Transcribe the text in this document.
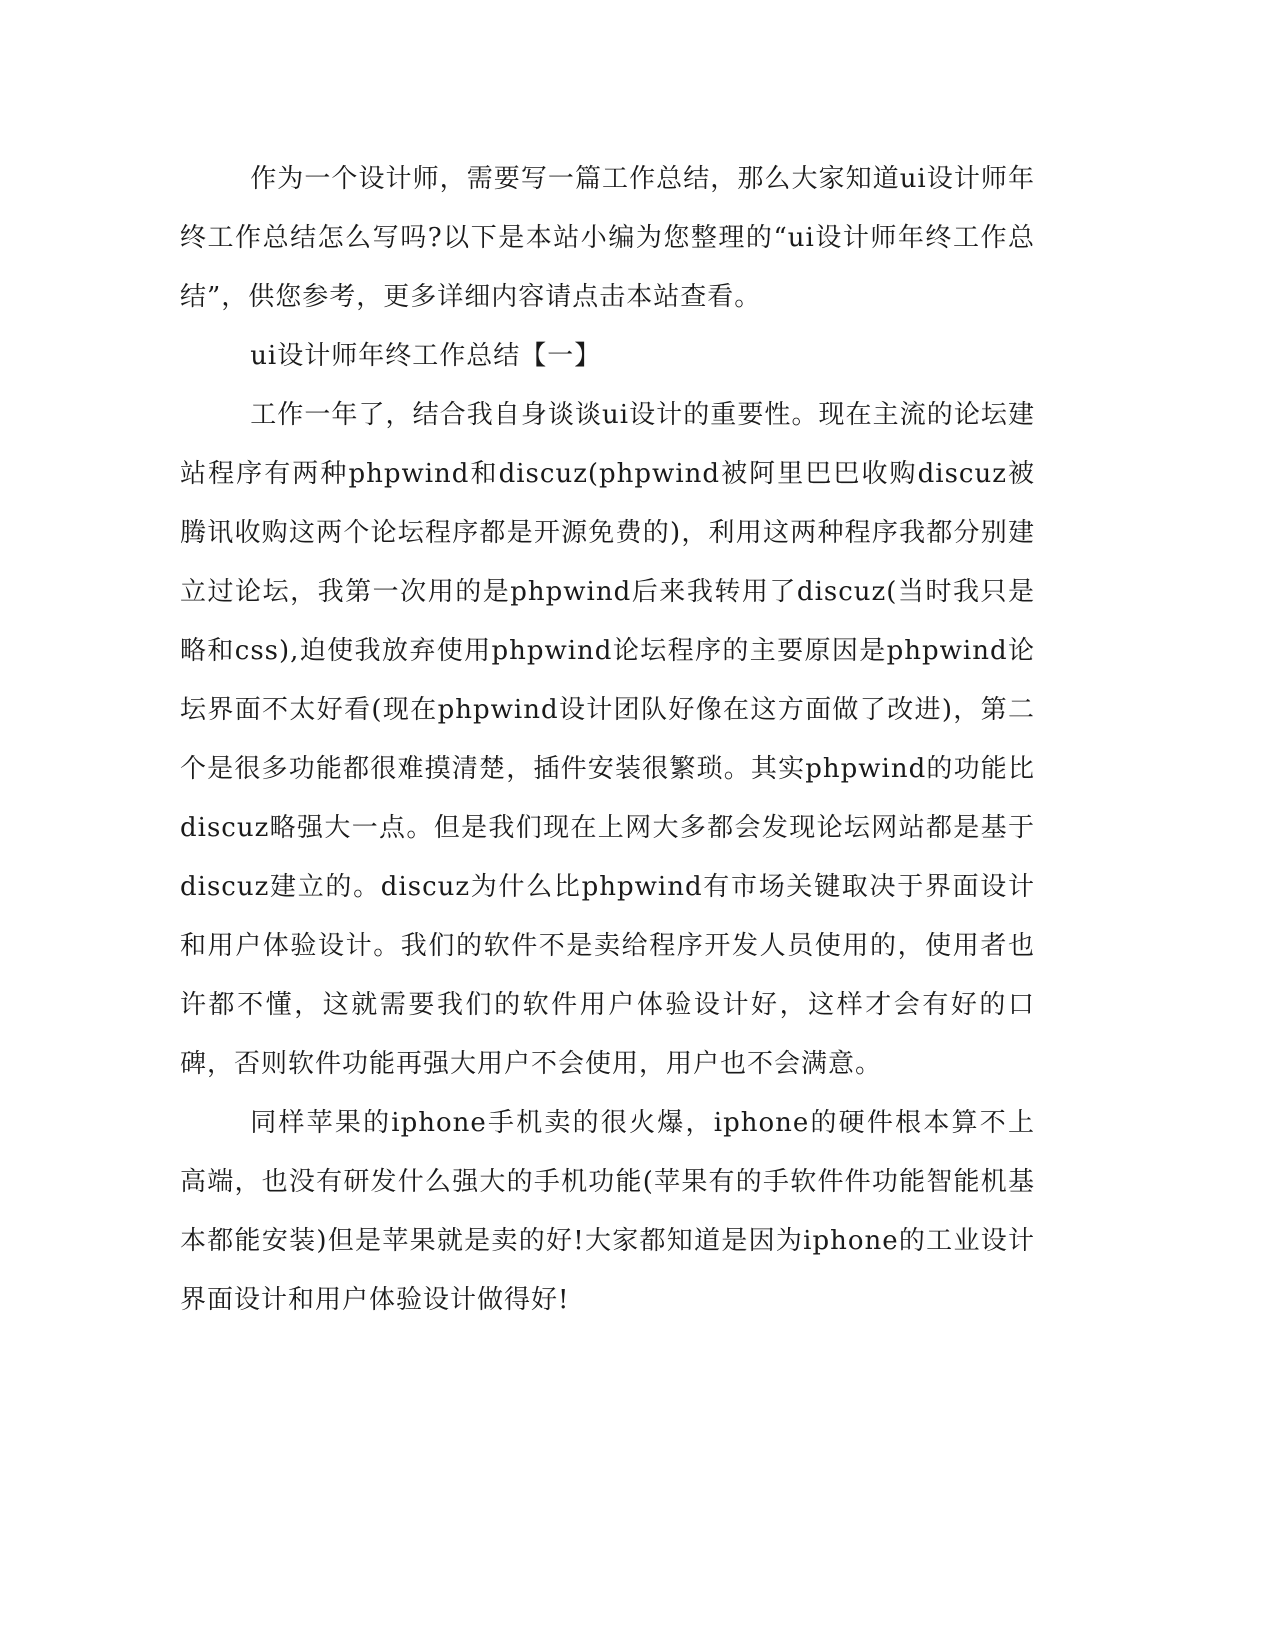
作为一个设计师，需要写一篇工作总结，那么大家知道ui设计师年终工作总结怎么写吗?以下是本站小编为您整理的“ui设计师年终工作总结”，供您参考，更多详细内容请点击本站查看。

ui设计师年终工作总结【一】

工作一年了，结合我自身谈谈ui设计的重要性。现在主流的论坛建站程序有两种phpwind和discuz(phpwind被阿里巴巴收购discuz被腾讯收购这两个论坛程序都是开源免费的)，利用这两种程序我都分别建立过论坛，我第一次用的是phpwind后来我转用了discuz(当时我只是略和css),迫使我放弃使用phpwind论坛程序的主要原因是phpwind论坛界面不太好看(现在phpwind设计团队好像在这方面做了改进)，第二个是很多功能都很难摸清楚，插件安装很繁琐。其实phpwind的功能比discuz略强大一点。但是我们现在上网大多都会发现论坛网站都是基于discuz建立的。discuz为什么比phpwind有市场关键取决于界面设计和用户体验设计。我们的软件不是卖给程序开发人员使用的，使用者也许都不懂，这就需要我们的软件用户体验设计好，这样才会有好的口碑，否则软件功能再强大用户不会使用，用户也不会满意。

同样苹果的iphone手机卖的很火爆，iphone的硬件根本算不上高端，也没有研发什么强大的手机功能(苹果有的手软件件功能智能机基本都能安装)但是苹果就是卖的好!大家都知道是因为iphone的工业设计界面设计和用户体验设计做得好!
